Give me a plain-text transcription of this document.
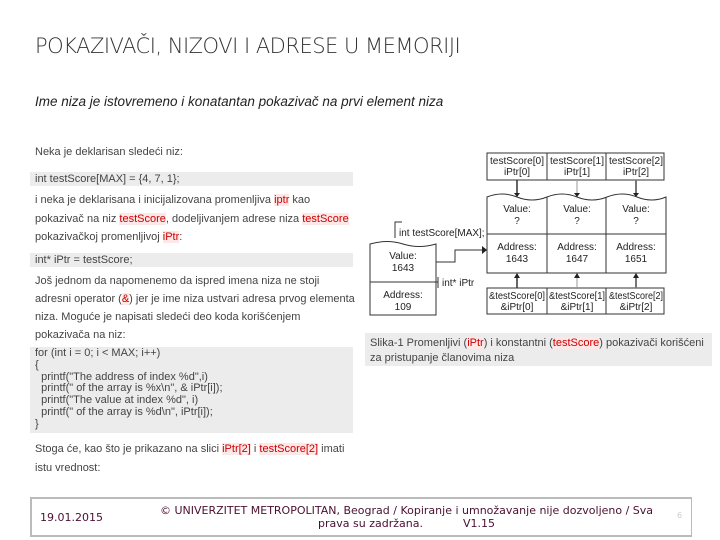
POKAZIVAČI, NIZOVI I ADRESE U MEMORIJI
Ime niza je istovremeno i konatantan pokazivač na prvi element niza
Neka je deklarisan sledeći niz:
int testScore[MAX] = {4, 7, 1};
i neka je deklarisana i inicijalizovana promenljiva iptr kao pokazivač na niz testScore, dodeljivanjem adrese niza testScore pokazivačkoj promenljivoj iPtr:
int* iPtr = testScore;
Još jednom da napomenemo da ispred imena niza ne stoji adresni operator (&) jer je ime niza ustvari adresa prvog elementa niza. Moguće je napisati sledeći deo koda korišćenjem pokazivača na niz:
for (int i = 0; i < MAX; i++)
{
printf("The address of index %d",i)
printf(" of the array is %x\n", & iPtr[i]);
printf("The value at index %d", i)
printf(" of the array is %d\n", iPtr[i]);
}
Stoga će, kao što je prikazano na slici iPtr[2] i testScore[2] imati istu vrednost:
testScore[0]
iPtr[0]
testScore[1]
iPtr[1]
testScore[2]
iPtr[2]
Value:
?
Value:
?
Value:
?
Address:
1643
Address:
1647
Address:
1651
&testScore[0]
&iPtr[0]
&testScore[1]
&iPtr[1]
&testScore[2]
&iPtr[2]
Value:
1643
Address:
109
int testScore[MAX];
int* iPtr
Slika-1 Promenljivi (iPtr) i konstantni (testScore) pokazivači korišćeni za pristupanje članovima niza
19.01.2015
© UNIVERZITET METROPOLITAN, Beograd / Kopiranje i umnožavanje nije dozvoljeno / Sva prava su zadržana.	V1.15
6
